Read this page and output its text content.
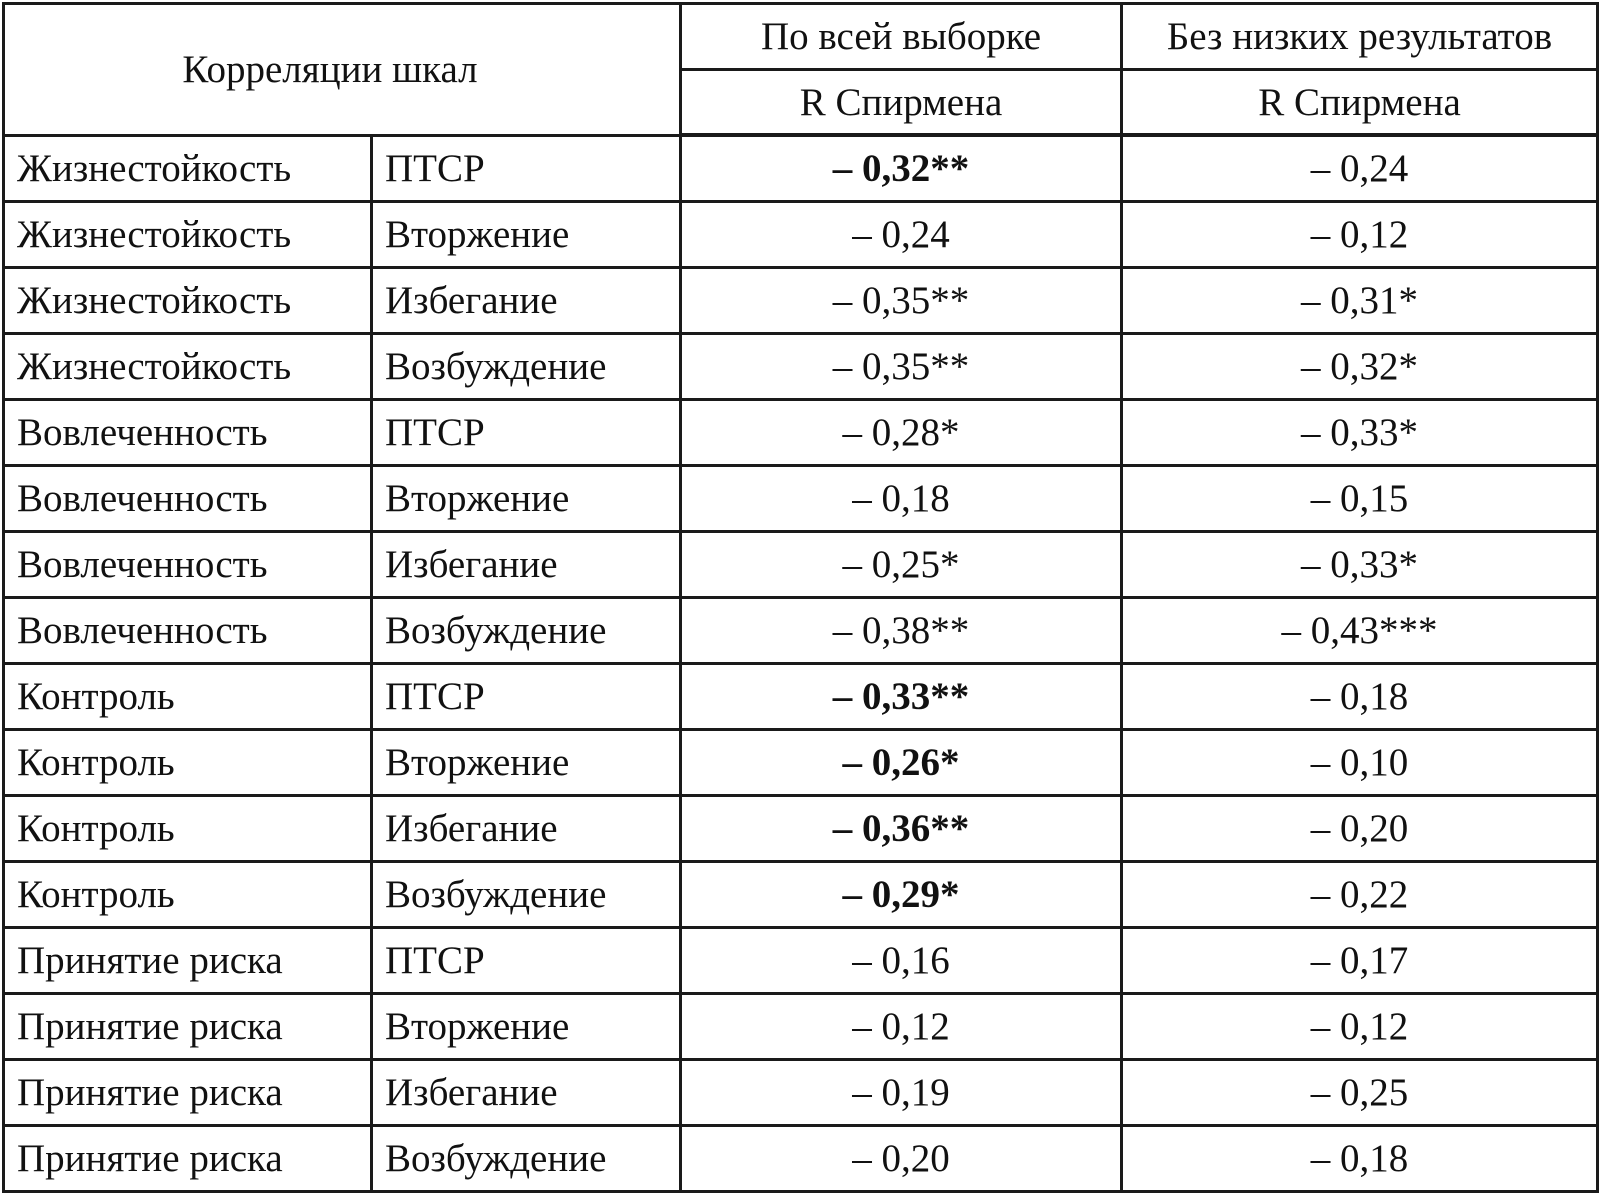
Корреляции шкал		По всей выборке	Без низких результатов
		R Спирмена	R Спирмена
Жизнестойкость	ПТСР	– 0,32**	– 0,24
Жизнестойкость	Вторжение	– 0,24	– 0,12
Жизнестойкость	Избегание	– 0,35**	– 0,31*
Жизнестойкость	Возбуждение	– 0,35**	– 0,32*
Вовлеченность	ПТСР	– 0,28*	– 0,33*
Вовлеченность	Вторжение	– 0,18	– 0,15
Вовлеченность	Избегание	– 0,25*	– 0,33*
Вовлеченность	Возбуждение	– 0,38**	– 0,43***
Контроль	ПТСР	– 0,33**	– 0,18
Контроль	Вторжение	– 0,26*	– 0,10
Контроль	Избегание	– 0,36**	– 0,20
Контроль	Возбуждение	– 0,29*	– 0,22
Принятие риска	ПТСР	– 0,16	– 0,17
Принятие риска	Вторжение	– 0,12	– 0,12
Принятие риска	Избегание	– 0,19	– 0,25
Принятие риска	Возбуждение	– 0,20	– 0,18
